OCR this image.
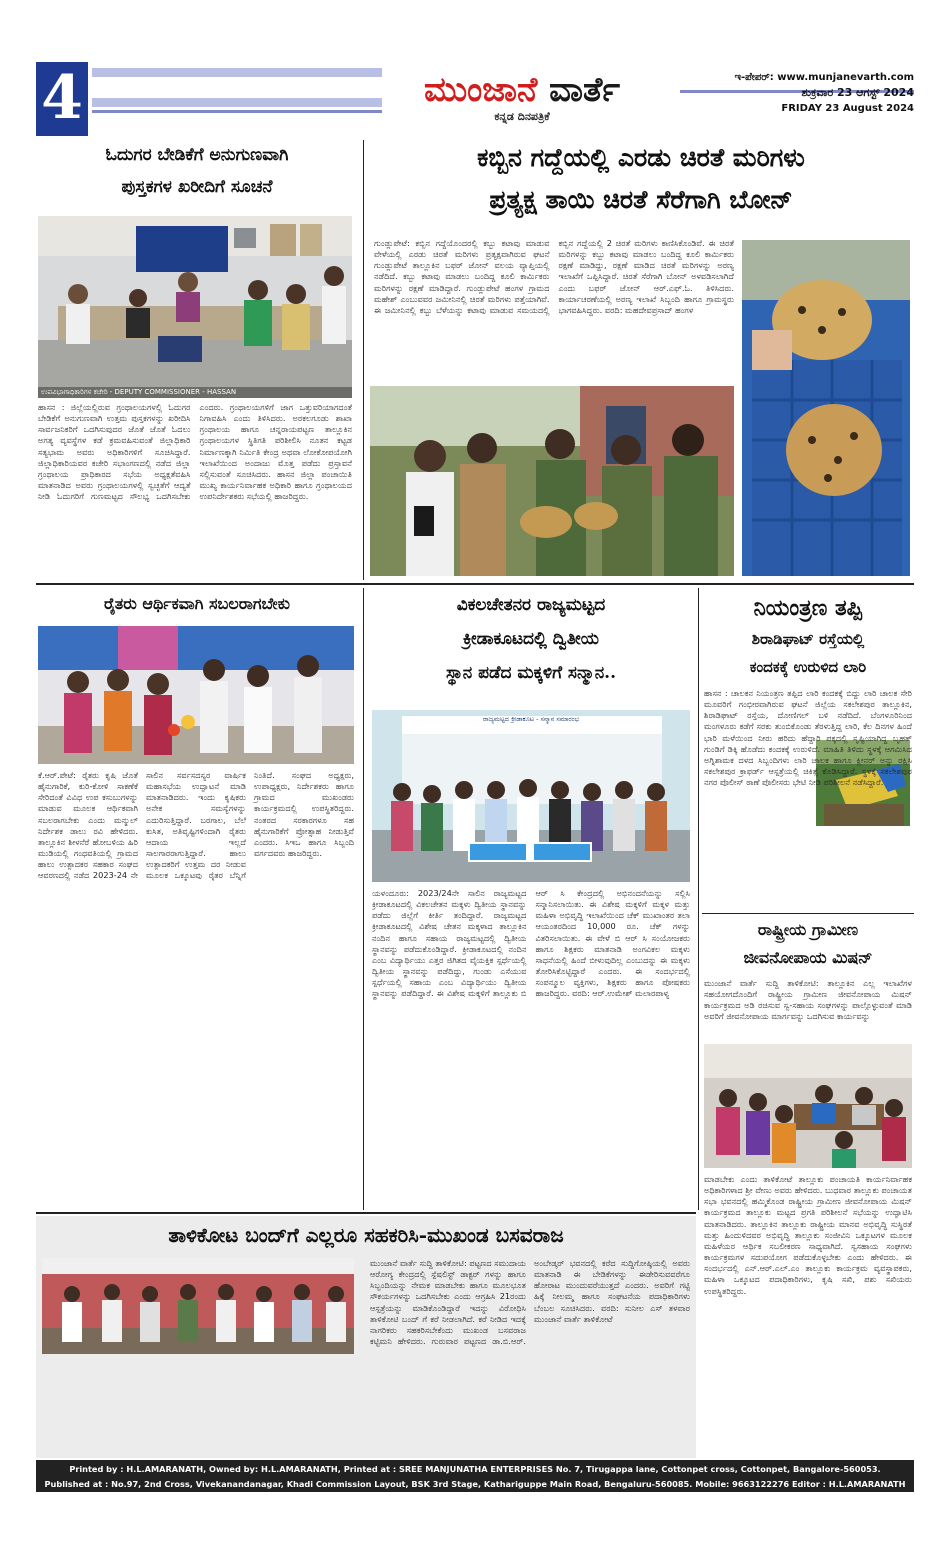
4	ಮುಂಜಾನೆ ವಾರ್ತೆ
ಕನ್ನಡ ದಿನಪತ್ರಿಕೆ
ಇ-ಪೇಪರ್: www.munjanevarth.com
ಶುಕ್ರವಾರ 23 ಆಗಸ್ಟ್ 2024
FRIDAY 23 August 2024
ಓದುಗರ ಬೇಡಿಕೆಗೆ ಅನುಗುಣವಾಗಿ
ಪುಸ್ತಕಗಳ ಖರೀದಿಗೆ ಸೂಚನೆ
ಉಪವಿಭಾಗಾಧಿಕಾರಿಗಳ ಕಚೇರಿ - DEPUTY COMMISSIONER - HASSAN
ಹಾಸನ : ಜಿಲ್ಲೆಯಲ್ಲಿರುವ ಗ್ರಂಥಾಲಯಗಳಲ್ಲಿ ಓದುಗರ ಬೇಡಿಕೆಗೆ ಅನುಗುಣವಾಗಿ ಉತ್ತಮ ಪುಸ್ತಕಗಳನ್ನು ಖರೀದಿಸಿ ಸಾರ್ವಜನಿಕರಿಗೆ ಒದಗಿಸುವುದರ ಜೊತೆ ಜೊತೆ ಓದಲು ಅಗತ್ಯ ವ್ಯವಸ್ಥೆಗಳ ಕಡೆ ಕ್ರಮವಹಿಸುವಂತೆ ಜಿಲ್ಲಾಧಿಕಾರಿ ಸತ್ಯಭಾಮ ಅವರು ಅಧಿಕಾರಿಗಳಿಗೆ ಸೂಚಿಸಿದ್ದಾರೆ. ಜಿಲ್ಲಾಧಿಕಾರಿಯವರ ಕಚೇರಿ ಸಭಾಂಗಣದಲ್ಲಿ ನಡೆದ ಜಿಲ್ಲಾ ಗ್ರಂಥಾಲಯ ಪ್ರಾಧಿಕಾರದ ಸಭೆಯ ಅಧ್ಯಕ್ಷತೆವಹಿಸಿ ಮಾತನಾಡಿದ ಅವರು ಗ್ರಂಥಾಲಯಗಳಲ್ಲಿ ಸ್ವಚ್ಛತೆಗೆ ಆದ್ಯತೆ ನೀಡಿ ಓದುಗರಿಗೆ ಗುಣಮಟ್ಟದ ಸೌಲಭ್ಯ ಒದಗಿಸಬೇಕು ಎಂದರು. ಗ್ರಂಥಾಲಯಗಳಿಗೆ ಜಾಗ ಒತ್ತುವರಿಯಾಗದಂತೆ ನಿಗಾವಹಿಸಿ ಎಂದು ತಿಳಿಸಿದರು. ಅರಕಲಗೂಡು ಶಾಖಾ ಗ್ರಂಥಾಲಯ ಹಾಗೂ ಚನ್ನರಾಯಪಟ್ಟಣ ತಾಲ್ಲೂಕಿನ ಗ್ರಂಥಾಲಯಗಳ ಸ್ಥಿತಿಗತಿ ಪರಿಶೀಲಿಸಿ ನೂತನ ಕಟ್ಟಡ ನಿರ್ಮಾಣಕ್ಕಾಗಿ ನಿರ್ಮಿತಿ ಕೇಂದ್ರ ಅಥವಾ ಲೋಕೋಪಯೋಗಿ ಇಲಾಖೆಯಿಂದ ಅಂದಾಜು ಮೊತ್ತ ಪಡೆದು ಪ್ರಸ್ತಾವನೆ ಸಲ್ಲಿಸುವಂತೆ ಸೂಚಿಸಿದರು. ಹಾಸನ ಜಿಲ್ಲಾ ಪಂಚಾಯಿತಿ ಮುಖ್ಯ ಕಾರ್ಯನಿರ್ವಾಹಕ ಅಧಿಕಾರಿ ಹಾಗೂ ಗ್ರಂಥಾಲಯದ ಉಪನಿರ್ದೇಶಕರು ಸಭೆಯಲ್ಲಿ ಹಾಜರಿದ್ದರು.
ಕಬ್ಬಿನ ಗದ್ದೆಯಲ್ಲಿ ಎರಡು ಚಿರತೆ ಮರಿಗಳು
ಪ್ರತ್ಯಕ್ಷ ತಾಯಿ ಚಿರತೆ ಸೆರೆಗಾಗಿ ಬೋನ್
ಗುಂಡ್ಲುಪೇಟೆ: ಕಬ್ಬಿನ ಗದ್ದೆಯೊಂದರಲ್ಲಿ ಕಬ್ಬು ಕಟಾವು ಮಾಡುವ ವೇಳೆಯಲ್ಲಿ ಎರಡು ಚಿರತೆ ಮರಿಗಳು ಪ್ರತ್ಯಕ್ಷವಾಗಿರುವ ಘಟನೆ ಗುಂಡ್ಲುಪೇಟೆ ತಾಲ್ಲೂಕಿನ ಬಫರ್ ಜೋನ್ ವಲಯ ವ್ಯಾಪ್ತಿಯಲ್ಲಿ ನಡೆದಿದೆ. ಕಬ್ಬು ಕಟಾವು ಮಾಡಲು ಬಂದಿದ್ದ ಕೂಲಿ ಕಾರ್ಮಿಕರು ಮರಿಗಳನ್ನು ರಕ್ಷಣೆ ಮಾಡಿದ್ದಾರೆ. ಗುಂಡ್ಲುಪೇಟೆ ಹಂಗಳ ಗ್ರಾಮದ ಮಹೇಶ್ ಎಂಬುವವರ ಜಮೀನಿನಲ್ಲಿ ಚಿರತೆ ಮರಿಗಳು ಪತ್ತೆಯಾಗಿವೆ. ಈ ಜಮೀನಿನಲ್ಲಿ ಕಬ್ಬು ಬೆಳೆಯನ್ನು ಕಟಾವು ಮಾಡುವ ಸಮಯದಲ್ಲಿ ಕಬ್ಬಿನ ಗದ್ದೆಯಲ್ಲಿ 2 ಚಿರತೆ ಮರಿಗಳು ಕಾಣಿಸಿಕೊಂಡಿವೆ. ಈ ಚಿರತೆ ಮರಿಗಳನ್ನು ಕಬ್ಬು ಕಟಾವು ಮಾಡಲು ಬಂದಿದ್ದ ಕೂಲಿ ಕಾರ್ಮಿಕರು ರಕ್ಷಣೆ ಮಾಡಿದ್ದು, ರಕ್ಷಣೆ ಮಾಡಿದ ಚಿರತೆ ಮರಿಗಳನ್ನು ಅರಣ್ಯ ಇಲಾಖೆಗೆ ಒಪ್ಪಿಸಿದ್ದಾರೆ. ಚಿರತೆ ಸೆರೆಗಾಗಿ ಬೋನ್ ಅಳವಡಿಸಲಾಗಿದೆ ಎಂದು ಬಫರ್ ಜೋನ್ ಆರ್.ಎಫ್.ಓ. ತಿಳಿಸಿದರು. ಕಾರ್ಯಾಚರಣೆಯಲ್ಲಿ ಅರಣ್ಯ ಇಲಾಖೆ ಸಿಬ್ಬಂದಿ ಹಾಗೂ ಗ್ರಾಮಸ್ಥರು ಭಾಗವಹಿಸಿದ್ದರು. ವರದಿ: ಮಹದೇವಪ್ರಸಾದ್ ಹಂಗಳ
ರೈತರು ಆರ್ಥಿಕವಾಗಿ ಸಬಲರಾಗಬೇಕು
ಕೆ.ಆರ್.ಪೇಟೆ: ರೈತರು ಕೃಷಿ ಜೊತೆ ಹೈನುಗಾರಿಕೆ, ಕುರಿ-ಕೋಳಿ ಸಾಕಣೆಕೆ ಸೇರಿದಂತೆ ವಿವಿಧ ಉಪ ಕಸುಬುಗಳನ್ನು ಮಾಡುವ ಮೂಲಕ ಆರ್ಥಿಕವಾಗಿ ಸಬಲರಾಗಬೇಕು ಎಂದು ಮನ್ಮುಲ್ ನಿರ್ದೇಶಕ ಡಾಲು ರವಿ ಹೇಳಿದರು. ತಾಲ್ಲೂಕಿನ ಶೀಳನೆರೆ ಹೋಬಳಿಯ ಹಿರಿ ಮುಡಿಯಲ್ಲಿ ಗಂಧವತಿಯಲ್ಲಿ ಗ್ರಾಮದ ಹಾಲು ಉತ್ಪಾದಕರ ಸಹಕಾರ ಸಂಘದ ಆವರಣದಲ್ಲಿ ನಡೆದ 2023-24 ನೇ ಸಾಲಿನ ಸರ್ವಸದಸ್ಯರ ವಾರ್ಷಿಕ ಮಹಾಸಭೆಯ ಉದ್ಘಾಟನೆ ಮಾಡಿ ಮಾತನಾಡಿದರು. ಇಂದು ಕೃಷಿಕರು ಅನೇಕ ಸಮಸ್ಯೆಗಳನ್ನು ಎದುರಿಸುತ್ತಿದ್ದಾರೆ. ಬರಗಾಲ, ಬೆಲೆ ಕುಸಿತ, ಅತಿವೃಷ್ಟಿಗಳಿಂದಾಗಿ ರೈತರು ಆದಾಯ ಇಲ್ಲದೆ ಸಾಲಗಾರರಾಗುತ್ತಿದ್ದಾರೆ. ಹಾಲು ಉತ್ಪಾದಕರಿಗೆ ಉತ್ತಮ ದರ ನೀಡುವ ಮೂಲಕ ಒಕ್ಕೂಟವು ರೈತರ ಬೆನ್ನಿಗೆ ನಿಂತಿದೆ. ಸಂಘದ ಅಧ್ಯಕ್ಷರು, ಉಪಾಧ್ಯಕ್ಷರು, ನಿರ್ದೇಶಕರು ಹಾಗೂ ಗ್ರಾಮದ ಮುಖಂಡರು ಕಾರ್ಯಕ್ರಮದಲ್ಲಿ ಉಪಸ್ಥಿತರಿದ್ದರು. ನಂತರದ ಸರಕಾರಗಳೂ ಸಹ ಹೈನುಗಾರಿಕೆಗೆ ಪ್ರೋತ್ಸಾಹ ನೀಡುತ್ತಿವೆ ಎಂದರು. ಸಿಇಒ ಹಾಗೂ ಸಿಬ್ಬಂದಿ ವರ್ಗದವರು ಹಾಜರಿದ್ದರು.
ವಿಕಲಚೇತನರ ರಾಜ್ಯಮಟ್ಟದ
ಕ್ರೀಡಾಕೂಟದಲ್ಲಿ ದ್ವಿತೀಯ
ಸ್ಥಾನ ಪಡೆದ ಮಕ್ಕಳಿಗೆ ಸನ್ಮಾನ..
ರಾಜ್ಯಮಟ್ಟದ ಕ್ರೀಡಾಕೂಟ - ಸನ್ಮಾನ ಸಮಾರಂಭ
ಯಳಂದೂರು: 2023/24ನೇ ಸಾಲಿನ ರಾಜ್ಯಮಟ್ಟದ ಕ್ರೀಡಾಕೂಟದಲ್ಲಿ ವಿಕಲಚೇತನ ಮಕ್ಕಳು ದ್ವಿತೀಯ ಸ್ಥಾನವನ್ನು ಪಡೆದು ಜಿಲ್ಲೆಗೆ ಕೀರ್ತಿ ತಂದಿದ್ದಾರೆ. ರಾಜ್ಯಮಟ್ಟದ ಕ್ರೀಡಾಕೂಟದಲ್ಲಿ ವಿಶೇಷ ಚೇತನ ಮಕ್ಕಳಾದ ತಾಲ್ಲೂಕಿನ ನಂದಿನ ಹಾಗೂ ಸಹಾಯ ರಾಜ್ಯಮಟ್ಟದಲ್ಲಿ ದ್ವಿತೀಯ ಸ್ಥಾನವನ್ನು ಪಡೆದುಕೊಂಡಿದ್ದಾರೆ. ಕ್ರೀಡಾಕೂಟದಲ್ಲಿ ನಂದಿನ ಎಂಬ ವಿದ್ಯಾರ್ಥಿಯು ಎತ್ತರ ಜಿಗಿತದ ವೈಯಕ್ತಿಕ ಸ್ಪರ್ಧೆಯಲ್ಲಿ ದ್ವಿತೀಯ ಸ್ಥಾನವನ್ನು ಪಡೆದಿದ್ದು, ಗುಂಡು ಎಸೆಯುವ ಸ್ಪರ್ಧೆಯಲ್ಲಿ ಸಹಾಯ ಎಂಬ ವಿದ್ಯಾರ್ಥಿಯು ದ್ವಿತೀಯ ಸ್ಥಾನವನ್ನು ಪಡೆದಿದ್ದಾರೆ. ಈ ವಿಶೇಷ ಮಕ್ಕಳಿಗೆ ತಾಲ್ಲೂಕು ಬಿ ಆರ್ ಸಿ ಕೇಂದ್ರದಲ್ಲಿ ಅಭಿನಂದನೆಯನ್ನು ಸಲ್ಲಿಸಿ ಸನ್ಮಾನಿಸಲಾಯಿತು. ಈ ವಿಶೇಷ ಮಕ್ಕಳಿಗೆ ಮಕ್ಕಳ ಮತ್ತು ಮಹಿಳಾ ಅಭಿವೃದ್ಧಿ ಇಲಾಖೆಯಿಂದ ಚೆಕ್ ಮುಖಾಂತರ ತಲಾ ಆಯಂತರದಿಂದ 10,000 ರೂ. ಚೆಕ್ ಗಳನ್ನು ವಿತರಿಸಲಾಯಿತು. ಈ ವೇಳೆ ಬಿ ಆರ್ ಸಿ ಸಂಯೋಜಕರು ಹಾಗೂ ಶಿಕ್ಷಕರು ಮಾತನಾಡಿ ಅಂಗವಿಕಲ ಮಕ್ಕಳು ಸಾಧನೆಯಲ್ಲಿ ಹಿಂದೆ ಬೀಳುವುದಿಲ್ಲ ಎಂಬುದನ್ನು ಈ ಮಕ್ಕಳು ತೋರಿಸಿಕೊಟ್ಟಿದ್ದಾರೆ ಎಂದರು. ಈ ಸಂದರ್ಭದಲ್ಲಿ ಸಂಪನ್ಮೂಲ ವ್ಯಕ್ತಿಗಳು, ಶಿಕ್ಷಕರು ಹಾಗೂ ಪೋಷಕರು ಹಾಜರಿದ್ದರು. ವರದಿ: ಆರ್.ಉಮೇಶ್ ಮಲಾರಪಾಳ್ಯ
ನಿಯಂತ್ರಣ ತಪ್ಪಿ
ಶಿರಾಡಿಘಾಟ್ ರಸ್ತೆಯಲ್ಲಿ
ಕಂದಕಕ್ಕೆ ಉರುಳಿದ ಲಾರಿ
ಹಾಸನ : ಚಾಲಕನ ನಿಯಂತ್ರಣ ತಪ್ಪಿದ ಲಾರಿ ಕಂದಕಕ್ಕೆ ಬಿದ್ದು ಲಾರಿ ಚಾಲಕ ಸೇರಿ ಮೂವರಿಗೆ ಗಂಭೀರವಾಗಿರುವ ಘಟನೆ ಜಿಲ್ಲೆಯ ಸಕಲೇಶಪುರ ತಾಲ್ಲೂಕಿನ, ಶಿರಾಡಿಘಾಟ್ ರಸ್ತೆಯ, ದೋಣಿಗಲ್ ಬಳಿ ನಡೆದಿದೆ. ಬೆಂಗಳೂರಿನಿಂದ ಮಂಗಳೂರು ಕಡೆಗೆ ಸರಕು ತುಂಬಿಕೊಂಡು ತೆರಳುತ್ತಿದ್ದ ಲಾರಿ, ಕೆಲ ದಿನಗಳ ಹಿಂದೆ ಭಾರಿ ಮಳೆಯಿಂದ ನೀರು ಹರಿದು ಹೆದ್ದಾರಿ ಪಕ್ಕದಲ್ಲಿ ಸೃಷ್ಟಿಯಾಗಿದ್ದ ಬೃಹತ್ ಗುಂಡಿಗೆ ಡಿಕ್ಕಿ ಹೊಡೆದು ಕಂದಕಕ್ಕೆ ಉರುಳಿದೆ. ಮಾಹಿತಿ ತಿಳಿದು ಸ್ಥಳಕ್ಕೆ ಆಗಮಿಸಿದ ಅಗ್ನಿಶಾಮಕ ದಳದ ಸಿಬ್ಬಂದಿಗಳು ಲಾರಿ ಚಾಲಕ ಹಾಗೂ ಕ್ಲೀನರ್ ಅನ್ನು ರಕ್ಷಿಸಿ ಸಕಲೇಶಪುರ ಕ್ರಾಫರ್ಡ್ ಆಸ್ಪತ್ರೆಯಲ್ಲಿ ಚಿಕಿತ್ಸೆ ಕೊಡಿಸಿದ್ದಾರೆ. ಸ್ಥಳಕ್ಕೆ ಸಕಲೇಶಪುರ ನಗರ ಪೊಲೀಸ್ ಠಾಣೆ ಪೊಲೀಸರು ಭೇಟಿ ನೀಡಿ ಪರಿಶೀಲನೆ ನಡೆಸಿದ್ದಾರೆ.
ರಾಷ್ಟ್ರೀಯ ಗ್ರಾಮೀಣ
ಜೀವನೋಪಾಯ ಮಿಷನ್
ಮುಂಜಾನೆ ವಾರ್ತೆ ಸುದ್ದಿ ತಾಳಿಕೋಟಿ: ತಾಲ್ಲೂಕಿನ ಎಲ್ಲ ಇಲಾಖೆಗಳ ಸಹಯೋಗದೊಂದಿಗೆ ರಾಷ್ಟ್ರೀಯ ಗ್ರಾಮೀಣ ಜೀವನೋಪಾಯ ಮಿಷನ್ ಕಾರ್ಯಕ್ರಮದ ಅಡಿ ರಚಿಸುವ ಸ್ವ-ಸಹಾಯ ಸಂಘಗಳನ್ನು ಪಾಲ್ಗೊಳ್ಳುವಂತೆ ಮಾಡಿ ಅವರಿಗೆ ಜೀವನೋಪಾಯ ಮಾರ್ಗವನ್ನು ಒದಗಿಸುವ ಕಾರ್ಯವನ್ನು
ಮಾಡಬೇಕು ಎಂದು ತಾಳಿಕೋಟೆ ತಾಲ್ಲೂಕು ಪಂಚಾಯತಿ ಕಾರ್ಯನಿರ್ವಾಹಕ ಅಧಿಕಾರಿಗಳಾದ ಶ್ರೀ ವೇಣು ಅವರು ಹೇಳಿದರು. ಬುಧವಾರ ತಾಲ್ಲೂಕು ಪಂಚಾಯತ ಸಭಾ ಭವನದಲ್ಲಿ ಹಮ್ಮಿಕೊಂಡ ರಾಷ್ಟ್ರೀಯ ಗ್ರಾಮೀಣ ಜೀವನೋಪಾಯ ಮಿಷನ್ ಕಾರ್ಯಕ್ರಮದ ತಾಲ್ಲೂಕು ಮಟ್ಟದ ಪ್ರಗತಿ ಪರಿಶೀಲನೆ ಸಭೆಯನ್ನು ಉದ್ಘಾಟಿಸಿ ಮಾತನಾಡಿದರು. ತಾಲ್ಲೂಕಿನ ತಾಲ್ಲೂಕು ರಾಷ್ಟ್ರೀಯ ಮಾನವ ಅಭಿವೃದ್ಧಿ ಸುಸ್ಥಿರತೆ ಮತ್ತು ಹಿಂದುಳಿದವರ ಅಭಿವೃದ್ಧಿ ತಾಲ್ಲೂಕು ಸಂಜೀವಿನಿ ಒಕ್ಕೂಟಗಳ ಮೂಲಕ ಮಹಿಳೆಯರ ಆರ್ಥಿಕ ಸಬಲೀಕರಣ ಸಾಧ್ಯವಾಗಿದೆ. ಸ್ವಸಹಾಯ ಸಂಘಗಳು ಕಾರ್ಯಕ್ರಮಗಳ ಸದುಪಯೋಗ ಪಡೆದುಕೊಳ್ಳಬೇಕು ಎಂದು ಹೇಳಿದರು. ಈ ಸಂದರ್ಭದಲ್ಲಿ ಎನ್.ಆರ್.ಎಲ್.ಎಂ ತಾಲ್ಲೂಕು ಕಾರ್ಯಕ್ರಮ ವ್ಯವಸ್ಥಾಪಕರು, ಮಹಿಳಾ ಒಕ್ಕೂಟದ ಪದಾಧಿಕಾರಿಗಳು, ಕೃಷಿ ಸಖಿ, ಪಶು ಸಖಿಯರು ಉಪಸ್ಥಿತರಿದ್ದರು.
ತಾಳಿಕೋಟ ಬಂದ್‌ಗೆ ಎಲ್ಲರೂ ಸಹಕರಿಸಿ-ಮುಖಂಡ ಬಸವರಾಜ
ಮುಂಜಾನೆ ವಾರ್ತೆ ಸುದ್ದಿ ತಾಳಿಕೋಟಿ: ಪಟ್ಟಣದ ಸಮುದಾಯ ಆರೋಗ್ಯ ಕೇಂದ್ರದಲ್ಲಿ ಸ್ಪೆಷಲಿಸ್ಟ್ ಡಾಕ್ಟರ್ ಗಳನ್ನು ಹಾಗೂ ಸಿಬ್ಬಂದಿಯನ್ನು ನೇಮಕ ಮಾಡಬೇಕು ಹಾಗೂ ಮೂಲಭೂತ ಸೌಕರ್ಯಗಳನ್ನು ಒದಗಿಸಬೇಕು ಎಂದು ಆಗ್ರಹಿಸಿ 21ರಂದು ಆಸ್ಪತ್ರೆಯನ್ನು ಮಾಡಿಕೊಂಡಿದ್ದಾರೆ ಇದನ್ನು ವಿರೋಧಿಸಿ ತಾಳಿಕೋಟಿ ಬಂದ್ ಗೆ ಕರೆ ನೀಡಲಾಗಿದೆ. ಕರೆ ನೀಡಿದ ಇದಕ್ಕೆ ನಾಗರಿಕರು ಸಹಕರಿಸಬೇಕೆಂದು ಮುಖಂಡ ಬಸವರಾಜ ಕಟ್ಟಿಮನಿ ಹೇಳಿದರು. ಗುರುವಾರ ಪಟ್ಟಣದ ಡಾ.ಬಿ.ಆರ್. ಅಂಬೇಡ್ಕರ್ ಭವನದಲ್ಲಿ ಕರೆದ ಸುದ್ದಿಗೋಷ್ಠಿಯಲ್ಲಿ ಅವರು ಮಾತನಾಡಿ ಈ ಬೇಡಿಕೆಗಳನ್ನು ಈಡೇರಿಸುವವರೆಗೂ ಹೋರಾಟ ಮುಂದುವರೆಯುತ್ತದೆ ಎಂದರು. ಅವರಿಗೆ ಗಟ್ಟಿ ಹಿಕ್ಕೆ ನೀಲಮ್ಮ ಹಾಗೂ ಸಂಘಟನೆಯ ಪದಾಧಿಕಾರಿಗಳು ಬೆಂಬಲ ಸೂಚಿಸಿದರು. ವರದಿ: ಸುನೀಲ ಎಸ್ ತಳವಾರ ಮುಂಜಾನೆ ವಾರ್ತೆ ತಾಳಿಕೋಟೆ
Printed by : H.L.AMARANATH, Owned by: H.L.AMARANATH, Printed at : SREE MANJUNATHA ENTERPRISES No. 7, Tirugappa lane, Cottonpet cross, Cottonpet, Bangalore-560053.
Published at : No.97, 2nd Cross, Vivekanandanagar, Khadi Commission Layout, BSK 3rd Stage, Kathariguppe Main Road, Bengaluru-560085. Mobile: 9663122276 Editor : H.L.AMARANATH
